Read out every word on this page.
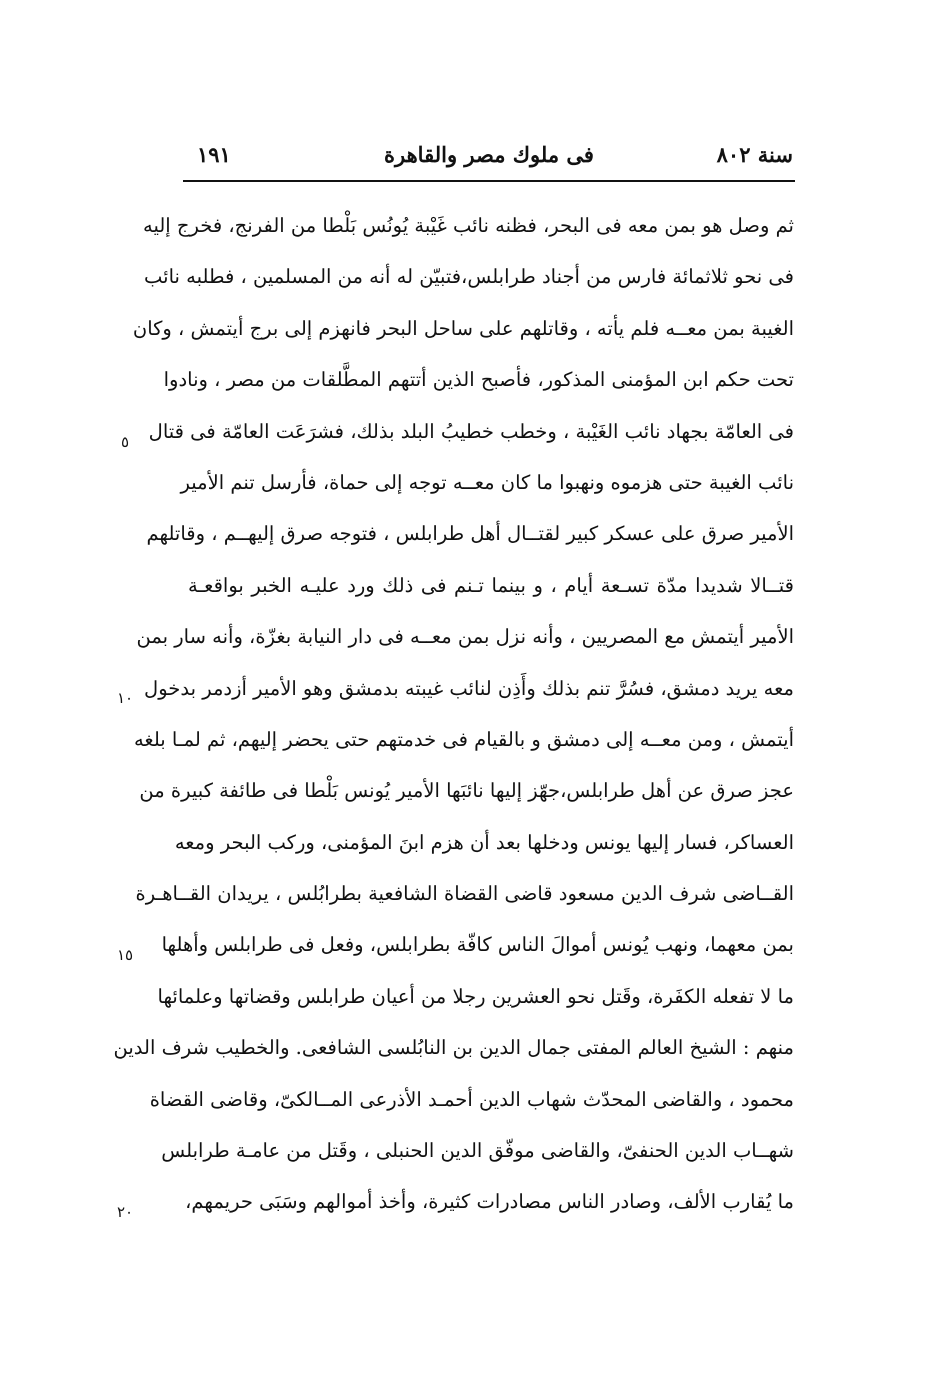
سنة ٨٠٢
فى ملوك مصر والقاهرة
١٩١
ثم وصل هو بمن معه فى البحر، فظنه نائب غَيْبة يُونُس بَلْطا من الفرنج، فخرج إليه
فى نحو ثلاثمائة فارس من أجناد طرابلس،فتبيّن له أنه من المسلمين ، فطلبه نائب
الغيبة بمن معــه فلم يأته ، وقاتلهم على ساحل البحر فانهزم إلى برج أيتمش ، وكان
تحت حكم ابن المؤمنى المذكور، فأصبح الذين أتتهم المطَّلقات من مصر ، ونادوا
فى العامّة بجهاد نائب الغَيْبة ، وخطب خطيبُ البلد بذلك، فشرَعَت العامّة فى قتال
نائب الغيبة حتى هزموه ونهبوا ما كان معــه توجه إلى حماة، فأرسل تنم الأمير
الأمير صرق على عسكر كبير لقتــال أهل طرابلس ، فتوجه صرق إليهــم ، وقاتلهم
قتــالا شديدا مدّة تسـعة أيام ، و بينما تـنم فى ذلك ورد عليـه الخبر بواقعـة
الأمير أيتمش مع المصريين ، وأنه نزل بمن معــه فى دار النيابة بغزّة، وأنه سار بمن
معه يريد دمشق، فسُرَّ تنم بذلك وأَذِن لنائب غيبته بدمشق وهو الأمير أزدمر بدخول
أيتمش ، ومن معــه إلى دمشق و بالقيام فى خدمتهم حتى يحضر إليهم، ثم لمـا بلغه
عجز صرق عن أهل طرابلس،جهّز إليها نائبَها الأمير يُونس بَلْطا فى طائفة كبيرة من
العساكر، فسار إليها يونس ودخلها بعد أن هزم ابنَ المؤمنى، وركب البحر ومعه
القــاضى شرف الدين مسعود قاضى القضاة الشافعية بطرابُلس ، يريدان القــاهـرة
بمن معهما، ونهب يُونس أموالَ الناس كافّة بطرابلس، وفعل فى طرابلس وأهلها
ما لا تفعله الكفَرة، وقَتل نحو العشرين رجلا من أعيان طرابلس وقضاتها وعلمائها
منهم : الشيخ العالم المفتى جمال الدين بن النابُلسى الشافعى. والخطيب شرف الدين
محمود ، والقاضى المحدّث شهاب الدين أحمـد الأذرعى المــالكىّ، وقاضى القضاة
شهــاب الدين الحنفىّ، والقاضى موفّق الدين الحنبلى ، وقَتل من عامـة طرابلس
ما يُقارب الألف، وصادر الناس مصادرات كثيرة، وأخذ أموالهم وسَبَى حريمهم،
٥
١٠
١٥
٢٠
